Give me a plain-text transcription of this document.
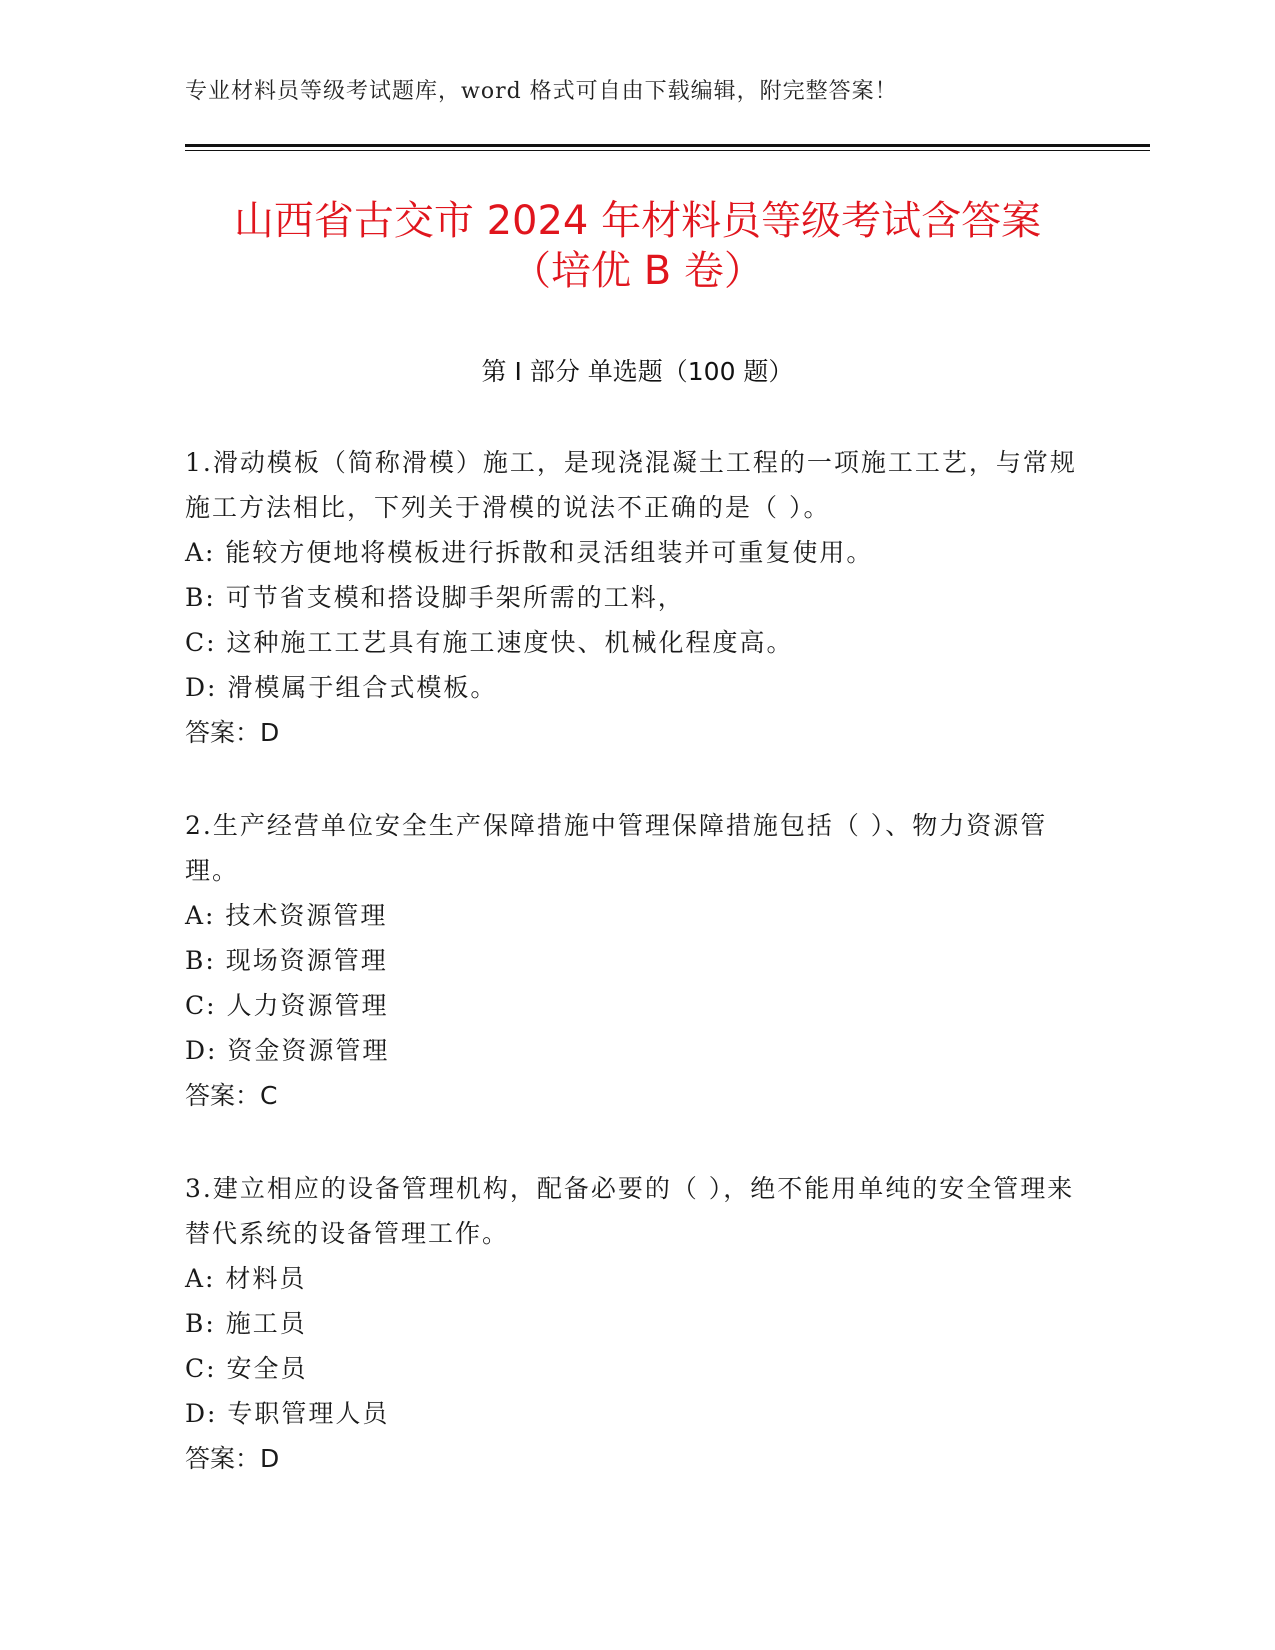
专业材料员等级考试题库，word 格式可自由下载编辑，附完整答案！
山西省古交市 2024 年材料员等级考试含答案
（培优 B 卷）
第 I 部分 单选题（100 题）
1.滑动模板（简称滑模）施工，是现浇混凝土工程的一项施工工艺，与常规施工方法相比，下列关于滑模的说法不正确的是（ ）。
A: 能较方便地将模板进行拆散和灵活组装并可重复使用。
B: 可节省支模和搭设脚手架所需的工料，
C: 这种施工工艺具有施工速度快、机械化程度高。
D: 滑模属于组合式模板。
答案：D
2.生产经营单位安全生产保障措施中管理保障措施包括（ ）、物力资源管理。
A: 技术资源管理
B: 现场资源管理
C: 人力资源管理
D: 资金资源管理
答案：C
3.建立相应的设备管理机构，配备必要的（ ），绝不能用单纯的安全管理来替代系统的设备管理工作。
A: 材料员
B: 施工员
C: 安全员
D: 专职管理人员
答案：D
